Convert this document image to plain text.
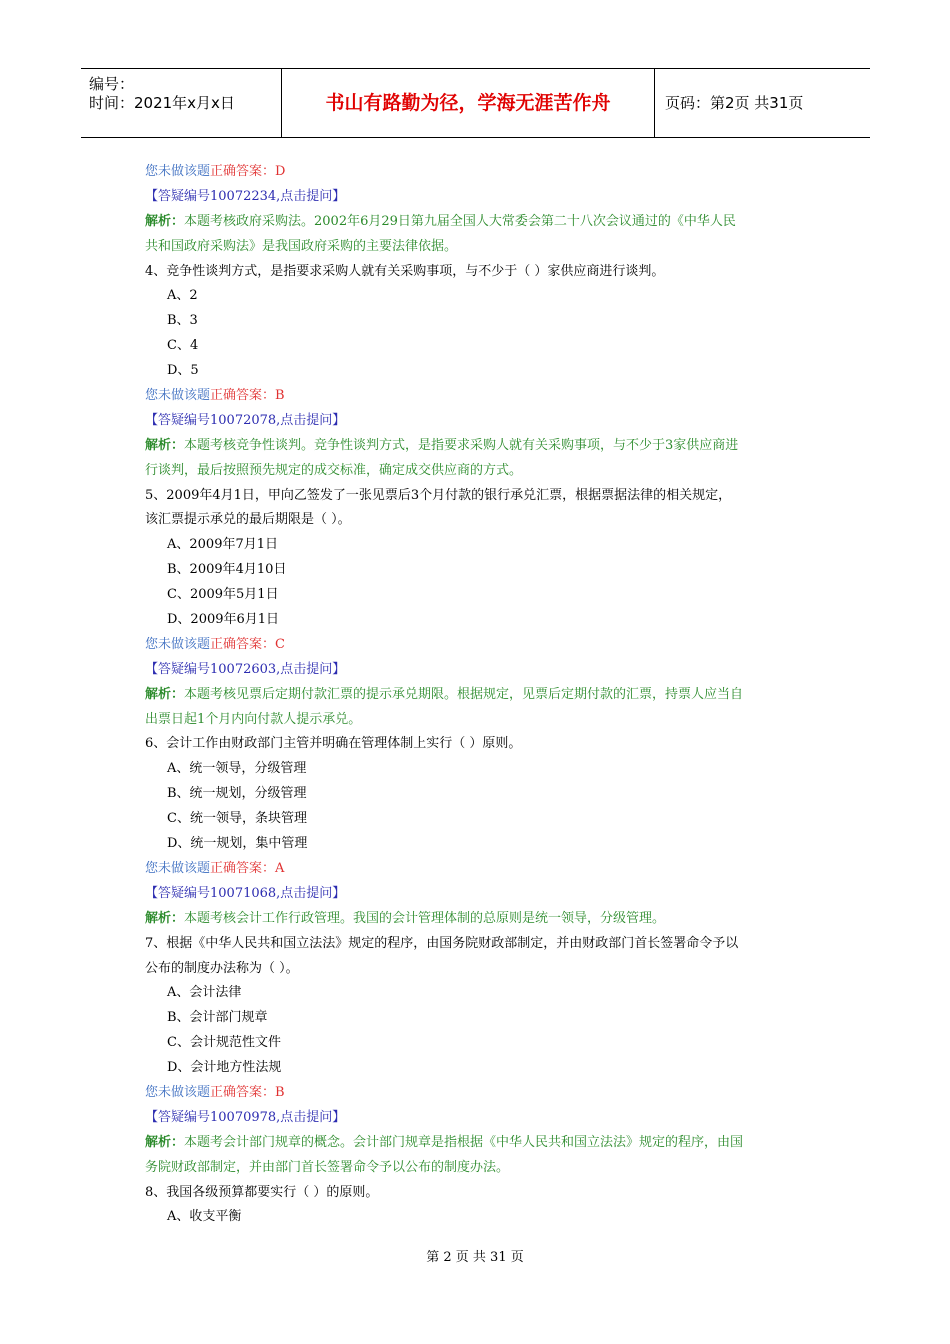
编号：
时间：2021年x月x日	书山有路勤为径，学海无涯苦作舟	页码：第2页 共31页
您未做该题正确答案：D
【答疑编号10072234,点击提问】
解析：本题考核政府采购法。2002年6月29日第九届全国人大常委会第二十八次会议通过的《中华人民
共和国政府采购法》是我国政府采购的主要法律依据。
4、竞争性谈判方式，是指要求采购人就有关采购事项，与不少于（ ）家供应商进行谈判。
A、2
B、3
C、4
D、5
您未做该题正确答案：B
【答疑编号10072078,点击提问】
解析：本题考核竞争性谈判。竞争性谈判方式，是指要求采购人就有关采购事项，与不少于3家供应商进
行谈判，最后按照预先规定的成交标准，确定成交供应商的方式。
5、2009年4月1日，甲向乙签发了一张见票后3个月付款的银行承兑汇票，根据票据法律的相关规定，
该汇票提示承兑的最后期限是（ ）。
A、2009年7月1日
B、2009年4月10日
C、2009年5月1日
D、2009年6月1日
您未做该题正确答案：C
【答疑编号10072603,点击提问】
解析：本题考核见票后定期付款汇票的提示承兑期限。根据规定，见票后定期付款的汇票，持票人应当自
出票日起1个月内向付款人提示承兑。
6、会计工作由财政部门主管并明确在管理体制上实行（ ）原则。
A、统一领导，分级管理
B、统一规划，分级管理
C、统一领导，条块管理
D、统一规划，集中管理
您未做该题正确答案：A
【答疑编号10071068,点击提问】
解析：本题考核会计工作行政管理。我国的会计管理体制的总原则是统一领导，分级管理。
7、根据《中华人民共和国立法法》规定的程序，由国务院财政部制定，并由财政部门首长签署命令予以
公布的制度办法称为（ ）。
A、会计法律
B、会计部门规章
C、会计规范性文件
D、会计地方性法规
您未做该题正确答案：B
【答疑编号10070978,点击提问】
解析：本题考会计部门规章的概念。会计部门规章是指根据《中华人民共和国立法法》规定的程序，由国
务院财政部制定，并由部门首长签署命令予以公布的制度办法。
8、我国各级预算都要实行（ ）的原则。
A、收支平衡
第 2 页 共 31 页
